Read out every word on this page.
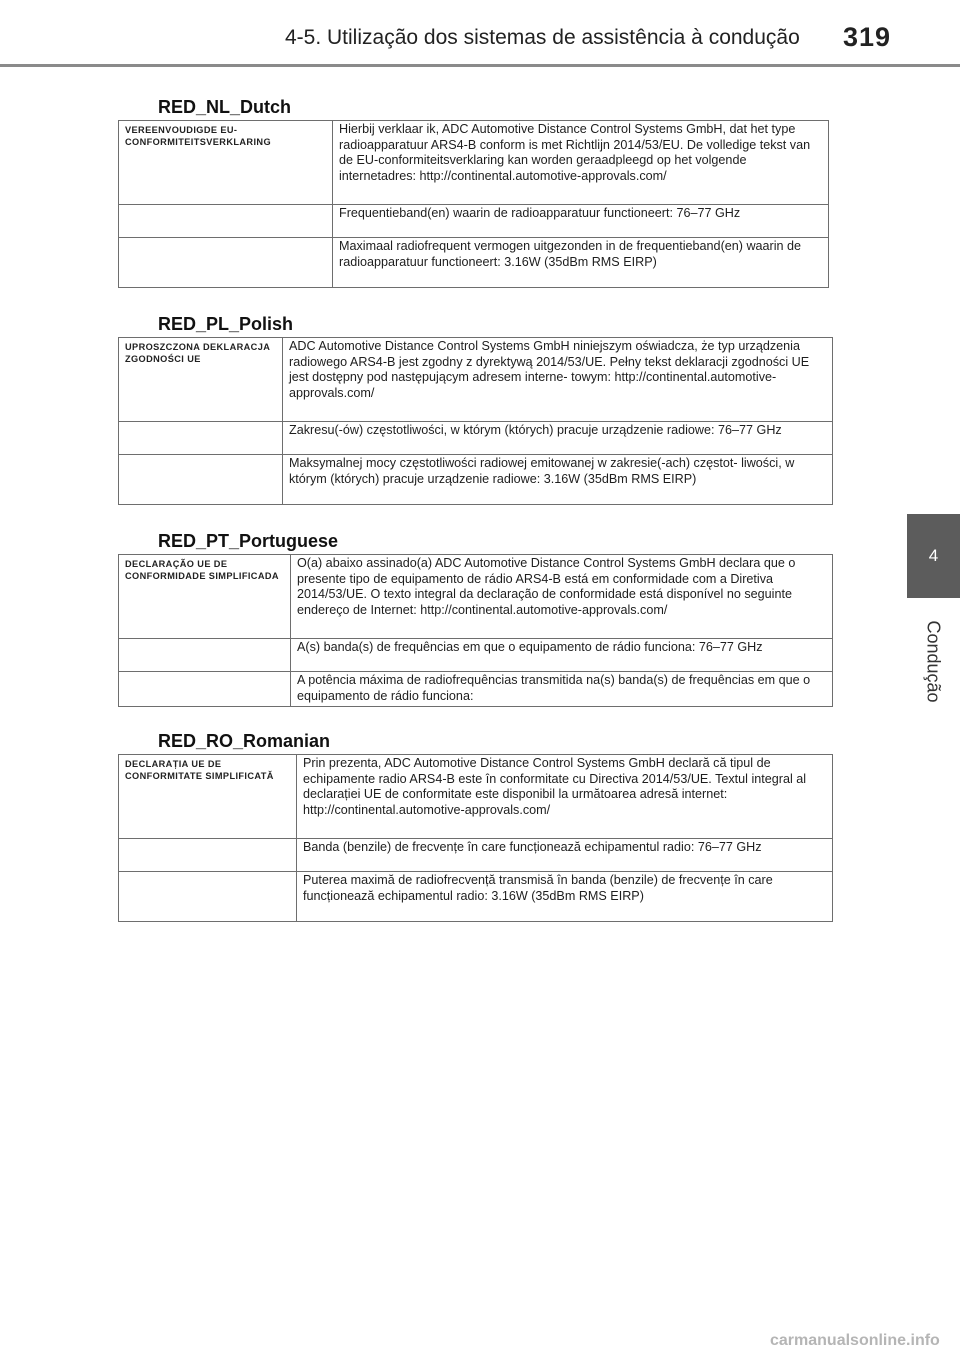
4-5. Utilização dos sistemas de assistência à condução 319
4
Condução
RED_NL_Dutch
VEREENVOUDIGDE EU-CONFORMITEITSVERKLARING	Hierbij verklaar ik, ADC Automotive Distance Control Systems GmbH, dat het type radioapparatuur ARS4-B conform is met Richtlijn 2014/53/EU. De volledige tekst van de EU-conformiteitsverklaring kan worden geraadpleegd op het volgende internetadres: http://continental.automotive-approvals.com/
	Frequentieband(en) waarin de radioapparatuur functioneert: 76–77 GHz
	Maximaal radiofrequent vermogen uitgezonden in de frequentieband(en) waarin de radioapparatuur functioneert: 3.16W (35dBm RMS EIRP)
RED_PL_Polish
UPROSZCZONA DEKLARACJA ZGODNOŚCI UE	ADC Automotive Distance Control Systems GmbH niniejszym oświadcza, że typ urządzenia radiowego ARS4-B jest zgodny z dyrektywą 2014/53/UE. Pełny tekst deklaracji zgodności UE jest dostępny pod następującym adresem interne- towym: http://continental.automotive-approvals.com/
	Zakresu(-ów) częstotliwości, w którym (których) pracuje urządzenie radiowe: 76–77 GHz
	Maksymalnej mocy częstotliwości radiowej emitowanej w zakresie(-ach) częstot- liwości, w którym (których) pracuje urządzenie radiowe: 3.16W (35dBm RMS EIRP)
RED_PT_Portuguese
DECLARAÇÃO UE DE CONFORMIDADE SIMPLIFICADA	O(a) abaixo assinado(a) ADC Automotive Distance Control Systems GmbH declara que o presente tipo de equipamento de rádio ARS4-B está em conformidade com a Diretiva 2014/53/UE. O texto integral da declaração de conformidade está disponível no seguinte endereço de Internet: http://continental.automotive-approvals.com/
	A(s) banda(s) de frequências em que o equipamento de rádio funciona: 76–77 GHz
	A potência máxima de radiofrequências transmitida na(s) banda(s) de frequências em que o equipamento de rádio funciona:
RED_RO_Romanian
DECLARAȚIA UE DE CONFORMITATE SIMPLIFICATĂ	Prin prezenta, ADC Automotive Distance Control Systems GmbH declară că tipul de echipamente radio ARS4-B este în conformitate cu Directiva 2014/53/UE. Textul integral al declarației UE de conformitate este disponibil la următoarea adresă internet: http://continental.automotive-approvals.com/
	Banda (benzile) de frecvențe în care funcționează echipamentul radio: 76–77 GHz
	Puterea maximă de radiofrecvență transmisă în banda (benzile) de frecvențe în care funcționează echipamentul radio: 3.16W (35dBm RMS EIRP)
carmanualsonline.info
